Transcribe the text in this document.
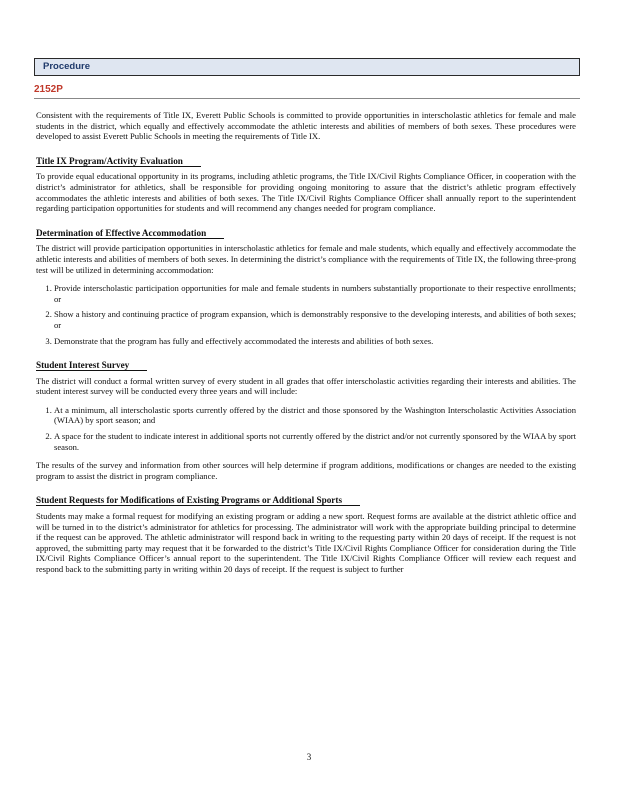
Procedure
2152P

Consistent with the requirements of Title IX, Everett Public Schools is committed to provide opportunities in interscholastic athletics for female and male students in the district, which equally and effectively accommodate the athletic interests and abilities of members of both sexes. These procedures were developed to assist Everett Public Schools in meeting the requirements of Title IX.

Title IX Program/Activity Evaluation

To provide equal educational opportunity in its programs, including athletic programs, the Title IX/Civil Rights Compliance Officer, in cooperation with the district’s administrator for athletics, shall be responsible for providing ongoing monitoring to assure that the district’s athletic program effectively accommodates the athletic interests and abilities of both sexes. The Title IX/Civil Rights Compliance Officer shall annually report to the superintendent regarding participation opportunities for students and will recommend any changes needed for program compliance.

Determination of Effective Accommodation

The district will provide participation opportunities in interscholastic athletics for female and male students, which equally and effectively accommodate the athletic interests and abilities of members of both sexes. In determining the district’s compliance with the requirements of Title IX, the following three-prong test will be utilized in determining accommodation:

1. Provide interscholastic participation opportunities for male and female students in numbers substantially proportionate to their respective enrollments; or
2. Show a history and continuing practice of program expansion, which is demonstrably responsive to the developing interests, and abilities of both sexes; or
3. Demonstrate that the program has fully and effectively accommodated the interests and abilities of both sexes.
Student Interest Survey

The district will conduct a formal written survey of every student in all grades that offer interscholastic activities regarding their interests and abilities. The student interest survey will be conducted every three years and will include:

1. At a minimum, all interscholastic sports currently offered by the district and those sponsored by the Washington Interscholastic Activities Association (WIAA) by sport season; and
2. A space for the student to indicate interest in additional sports not currently offered by the district and/or not currently sponsored by the WIAA by sport season.

The results of the survey and information from other sources will help determine if program additions, modifications or changes are needed to the existing program to assist the district in program compliance.

Student Requests for Modifications of Existing Programs or Additional Sports

Students may make a formal request for modifying an existing program or adding a new sport. Request forms are available at the district athletic office and will be turned in to the district’s administrator for athletics for processing. The administrator will work with the appropriate building principal to determine if the request can be approved. The athletic administrator will respond back in writing to the requesting party within 20 days of receipt. If the request is not approved, the submitting party may request that it be forwarded to the district’s Title IX/Civil Rights Compliance Officer for consideration during the Title IX/Civil Rights Compliance Officer’s annual report to the superintendent. The Title IX/Civil Rights Compliance Officer will review each request and respond back to the submitting party in writing within 20 days of receipt. If the request is subject to further

3
